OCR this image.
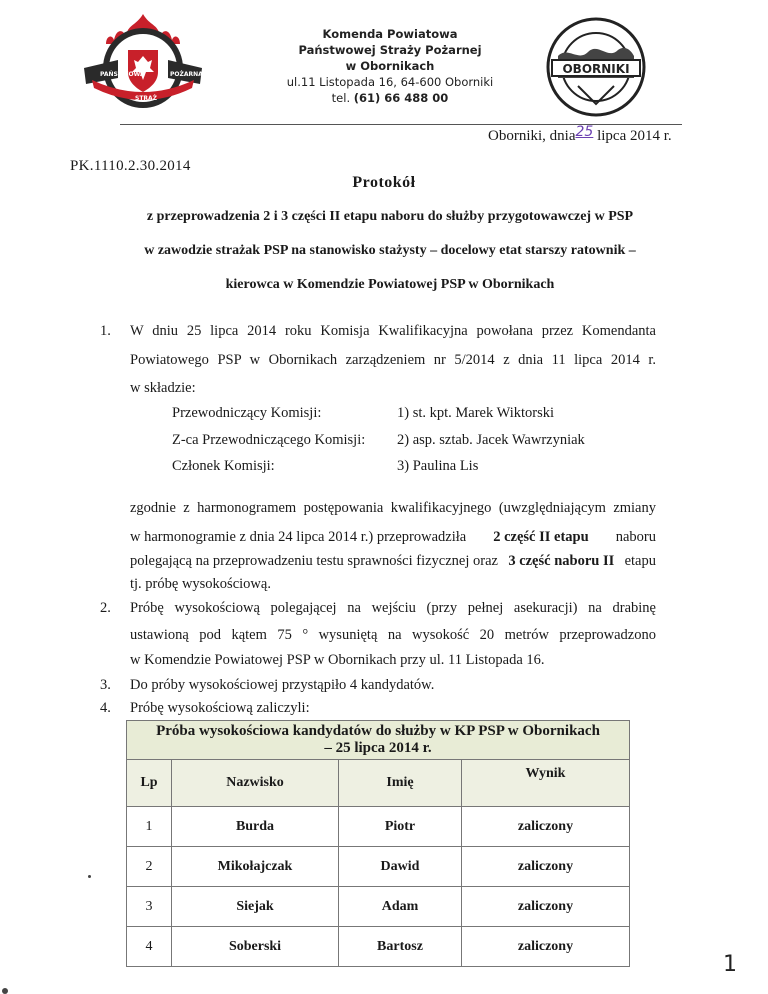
PAŃSTWOWA	POŻARNA
STRAŻ
Komenda Powiatowa
Państwowej Straży Pożarnej
w Obornikach
ul.11 Listopada 16, 64-600 Oborniki
tel. (61) 66 488 00
OBORNIKI
Oborniki, dnia25 lipca 2014 r.
PK.1110.2.30.2014
Protokół
z przeprowadzenia 2 i 3 części II etapu naboru do służby przygotowawczej w PSP
w zawodzie strażak PSP na stanowisko stażysty – docelowy etat starszy ratownik –
kierowca w Komendzie Powiatowej PSP w Obornikach
1. W dniu 25 lipca 2014 roku Komisja Kwalifikacyjna powołana przez Komendanta
Powiatowego PSP w Obornikach zarządzeniem nr 5/2014 z dnia 11 lipca 2014 r.
w składzie:
Przewodniczący Komisji:	1) st. kpt. Marek Wiktorski
Z-ca Przewodniczącego Komisji: 2) asp. sztab. Jacek Wawrzyniak
Członek Komisji:	3) Paulina Lis
zgodnie z harmonogramem postępowania kwalifikacyjnego (uwzględniającym zmiany
w harmonogramie z dnia 24 lipca 2014 r.) przeprowadziła 2 część II etapu naboru
polegającą na przeprowadzeniu testu sprawności fizycznej oraz 3 część naboru II etapu
tj. próbę wysokościową.
2. Próbę wysokościową polegającej na wejściu (przy pełnej asekuracji) na drabinę
ustawioną pod kątem 75 ° wysuniętą na wysokość 20 metrów przeprowadzono
w Komendzie Powiatowej PSP w Obornikach przy ul. 11 Listopada 16.
3. Do próby wysokościowej przystąpiło 4 kandydatów.
4. Próbę wysokościową zaliczyli:
Próba wysokościowa kandydatów do służby w KP PSP w Obornikach
– 25 lipca 2014 r.			

Lp	Nazwisko	Imię	Wynik
1	Burda	Piotr	zaliczony
2	Mikołajczak	Dawid	zaliczony
3	Siejak	Adam	zaliczony
4	Soberski	Bartosz	zaliczony
1
